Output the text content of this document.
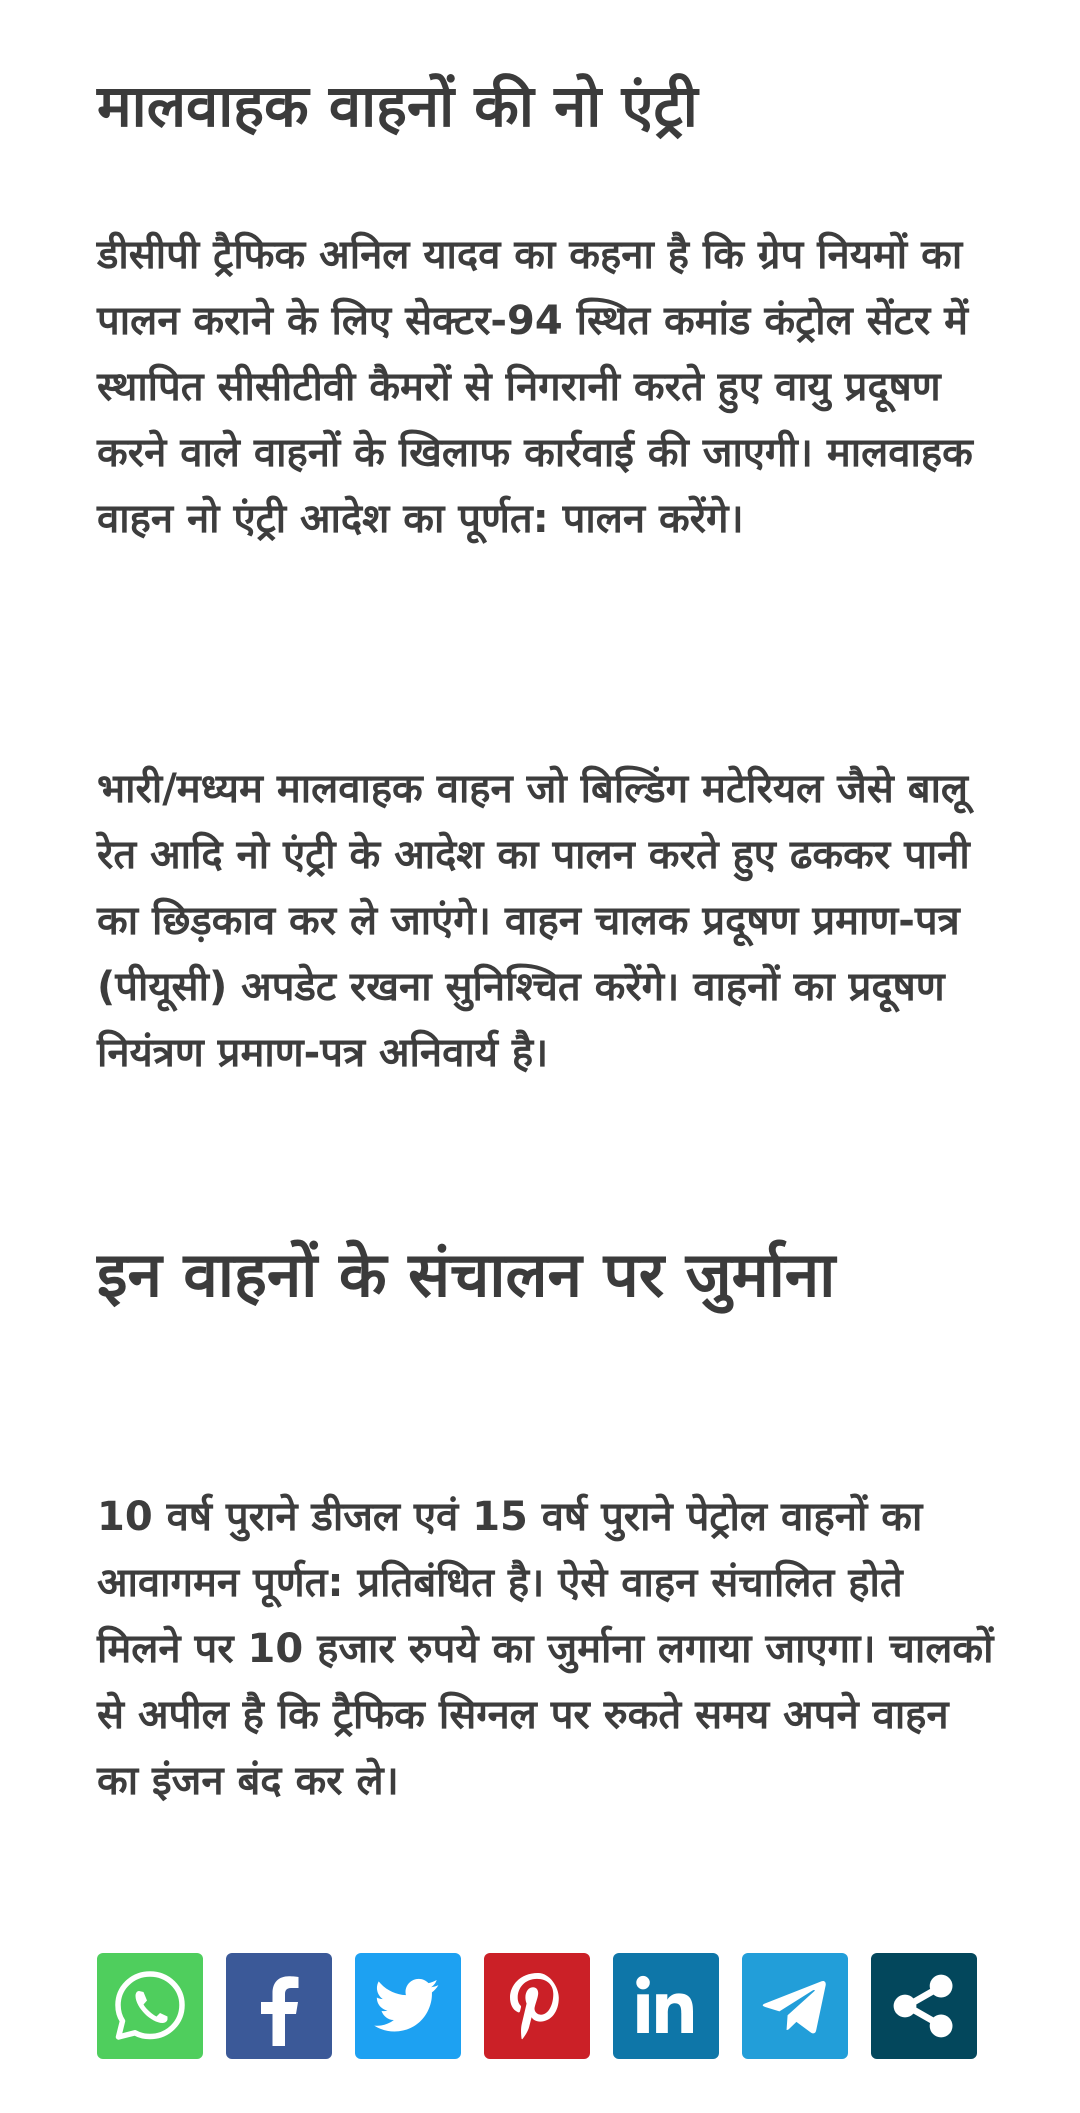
मालवाहक वाहनों की नो एंट्री

डीसीपी ट्रैफिक अनिल यादव का कहना है कि ग्रेप नियमों का पालन कराने के लिए सेक्टर-94 स्थित कमांड कंट्रोल सेंटर में स्थापित सीसीटीवी कैमरों से निगरानी करते हुए वायु प्रदूषण करने वाले वाहनों के खिलाफ कार्रवाई की जाएगी। मालवाहक वाहन नो एंट्री आदेश का पूर्णत: पालन करेंगे।

भारी/मध्यम मालवाहक वाहन जो बिल्डिंग मटेरियल जैसे बालू रेत आदि नो एंट्री के आदेश का पालन करते हुए ढककर पानी का छिड़काव कर ले जाएंगे। वाहन चालक प्रदूषण प्रमाण-पत्र (पीयूसी) अपडेट रखना सुनिश्चित करेंगे। वाहनों का प्रदूषण नियंत्रण प्रमाण-पत्र अनिवार्य है।

इन वाहनों के संचालन पर जुर्माना

10 वर्ष पुराने डीजल एवं 15 वर्ष पुराने पेट्रोल वाहनों का आवागमन पूर्णत: प्रतिबंधित है। ऐसे वाहन संचालित होते मिलने पर 10 हजार रुपये का जुर्माना लगाया जाएगा। चालकों से अपील है कि ट्रैफिक सिग्नल पर रुकते समय अपने वाहन का इंजन बंद कर ले।
